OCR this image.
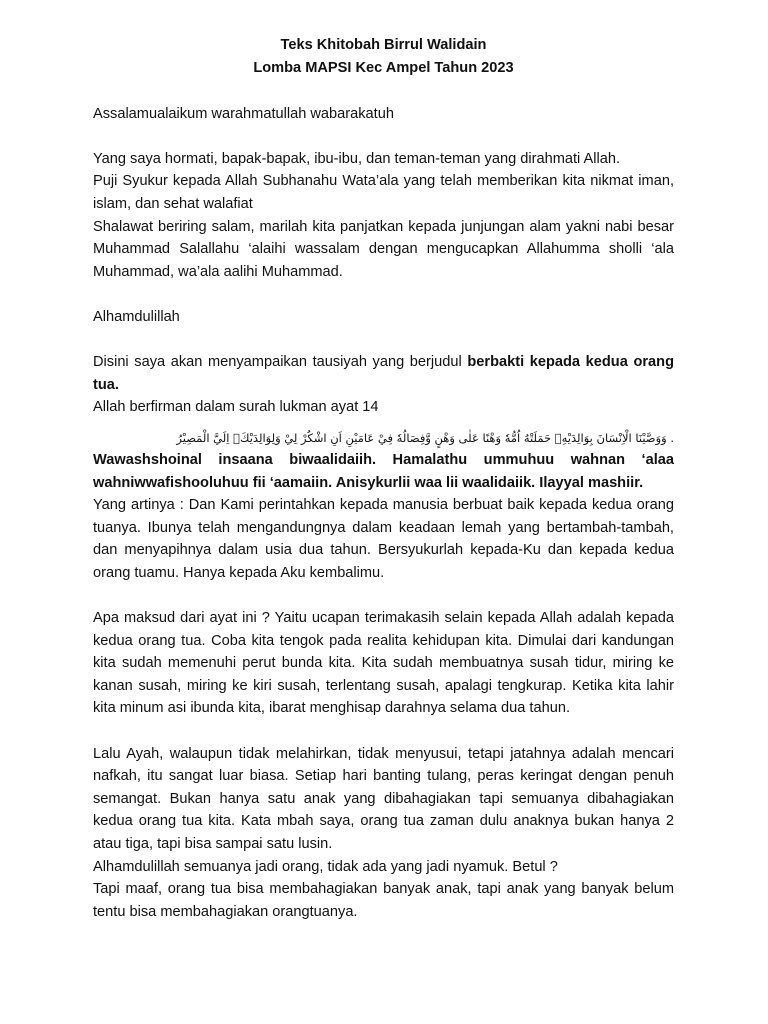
Teks Khitobah Birrul Walidain

Lomba MAPSI Kec Ampel Tahun 2023

Assalamualaikum warahmatullah wabarakatuh

Yang saya hormati, bapak-bapak, ibu-ibu, dan teman-teman yang dirahmati Allah.

Puji Syukur kepada Allah Subhanahu Wata’ala yang telah memberikan kita nikmat iman, islam, dan sehat walafiat

Shalawat beriring salam, marilah kita panjatkan kepada junjungan alam yakni nabi besar Muhammad Salallahu ‘alaihi wassalam dengan mengucapkan Allahumma sholli ‘ala Muhammad, wa’ala aalihi Muhammad.

Alhamdulillah

Disini saya akan menyampaikan tausiyah yang berjudul berbakti kepada kedua orang tua.

Allah berfirman dalam surah lukman ayat 14

. وَوَصَّيْنَا الْاِنْسَانَ بِوَالِدَيْهِۚ حَمَلَتْهُ اُمُّهٗ وَهْنًا عَلٰى وَهْنٍ وَّفِصَالُهٗ فِيْ عَامَيْنِ اَنِ اشْكُرْ لِيْ وَلِوَالِدَيْكَۗ اِلَيَّ الْمَصِيْرُ

Wawashshoinal insaana biwaalidaiih. Hamalathu ummuhuu wahnan ‘alaa wahniwwafishooluhuu fii ‘aamaiin. Anisykurlii waa lii waalidaiik. Ilayyal mashiir.

Yang artinya : Dan Kami perintahkan kepada manusia berbuat baik kepada kedua orang tuanya. Ibunya telah mengandungnya dalam keadaan lemah yang bertambah-tambah, dan menyapihnya dalam usia dua tahun. Bersyukurlah kepada-Ku dan kepada kedua orang tuamu. Hanya kepada Aku kembalimu.

Apa maksud dari ayat ini ? Yaitu ucapan terimakasih selain kepada Allah adalah kepada kedua orang tua. Coba kita tengok pada realita kehidupan kita. Dimulai dari kandungan kita sudah memenuhi perut bunda kita. Kita sudah membuatnya susah tidur, miring ke kanan susah, miring ke kiri susah, terlentang susah, apalagi tengkurap. Ketika kita lahir kita minum asi ibunda kita, ibarat menghisap darahnya selama dua tahun.

Lalu Ayah, walaupun tidak melahirkan, tidak menyusui, tetapi jatahnya adalah mencari nafkah, itu sangat luar biasa. Setiap hari banting tulang, peras keringat dengan penuh semangat. Bukan hanya satu anak yang dibahagiakan tapi semuanya dibahagiakan kedua orang tua kita. Kata mbah saya, orang tua zaman dulu anaknya bukan hanya 2 atau tiga, tapi bisa sampai satu lusin.

Alhamdulillah semuanya jadi orang, tidak ada yang jadi nyamuk. Betul ?

Tapi maaf, orang tua bisa membahagiakan banyak anak, tapi anak yang banyak belum tentu bisa membahagiakan orangtuanya.
